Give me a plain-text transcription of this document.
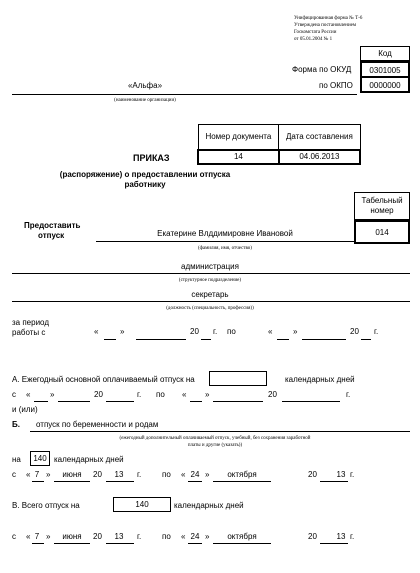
Унифицированная форма № Т-6
Утверждена постановлением
Госкомстата России
от 05.01.2004 № 1
Код
Форма по ОКУД	0301005
по ОКПО	0000000
«Альфа»
(наименование организации)
Номер документа	Дата составления
14	04.06.2013
ПРИКАЗ
(распоряжение) о предоставлении отпуска
работнику
Предоставить
отпуск
Табельный
номер
014
Екатерине Влддимировне Ивановой
(фамилия, имя, отчество)
администрация
(структурное подразделение)
секретарь
(должность (специальность, профессия))
за период
работы с	«	»	20 г. по	«	»	20 г.
А. Ежегодный основной оплачиваемый отпуск на	календарных дней
с « »	20	г. по « »	20	г.
и (или)
Б. отпуск по беременности и родам
(ежегодный дополнительный оплачиваемый отпуск, учебный, без сохранения заработной
платы и другие (указать))
на	140 календарных дней
с « 7 »	июня	20	13	г.	по « 24 »	октября	20	13 г.
В. Всего отпуск на	140	календарных дней
с « 7 »	июня	20	13	г.	по « 24 »	октября	20	13 г.
